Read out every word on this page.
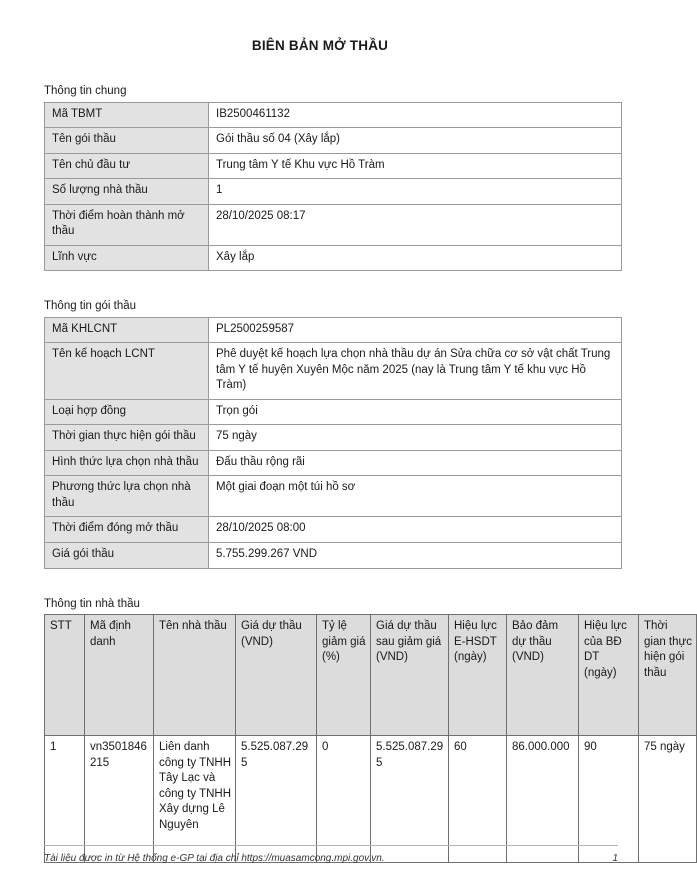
BIÊN BẢN MỞ THẦU
Thông tin chung
Mã TBMT	IB2500461132
Tên gói thầu	Gói thầu số 04 (Xây lắp)
Tên chủ đầu tư	Trung tâm Y tế Khu vực Hồ Tràm
Số lượng nhà thầu	1
Thời điểm hoàn thành mở thầu	28/10/2025 08:17
Lĩnh vực	Xây lắp
Thông tin gói thầu
Mã KHLCNT	PL2500259587
Tên kế hoạch LCNT	Phê duyệt kế hoạch lựa chọn nhà thầu dự án Sửa chữa cơ sở vật chất Trung tâm Y tế huyện Xuyên Mộc năm 2025 (nay là Trung tâm Y tế khu vực Hồ Tràm)
Loại hợp đồng	Trọn gói
Thời gian thực hiện gói thầu	75 ngày
Hình thức lựa chọn nhà thầu	Đấu thầu rộng rãi
Phương thức lựa chọn nhà thầu	Một giai đoạn một túi hồ sơ
Thời điểm đóng mở thầu	28/10/2025 08:00
Giá gói thầu	5.755.299.267 VND
Thông tin nhà thầu
STT	Mã định danh	Tên nhà thầu	Giá dự thầu (VND)	Tỷ lệ giảm giá (%)	Giá dự thầu sau giảm giá (VND)	Hiệu lực E-HSDT (ngày)	Bảo đảm dự thầu (VND)	Hiệu lực của BĐ DT (ngày)	Thời gian thực hiện gói thầu
1	vn3501846215	Liên danh công ty TNHH Tây Lạc và công ty TNHH Xây dựng Lê Nguyên	5.525.087.295	0	5.525.087.295	60	86.000.000	90	75 ngày
Tài liệu được in từ Hệ thống e-GP tại địa chỉ https://muasamcong.mpi.gov.vn.	1
